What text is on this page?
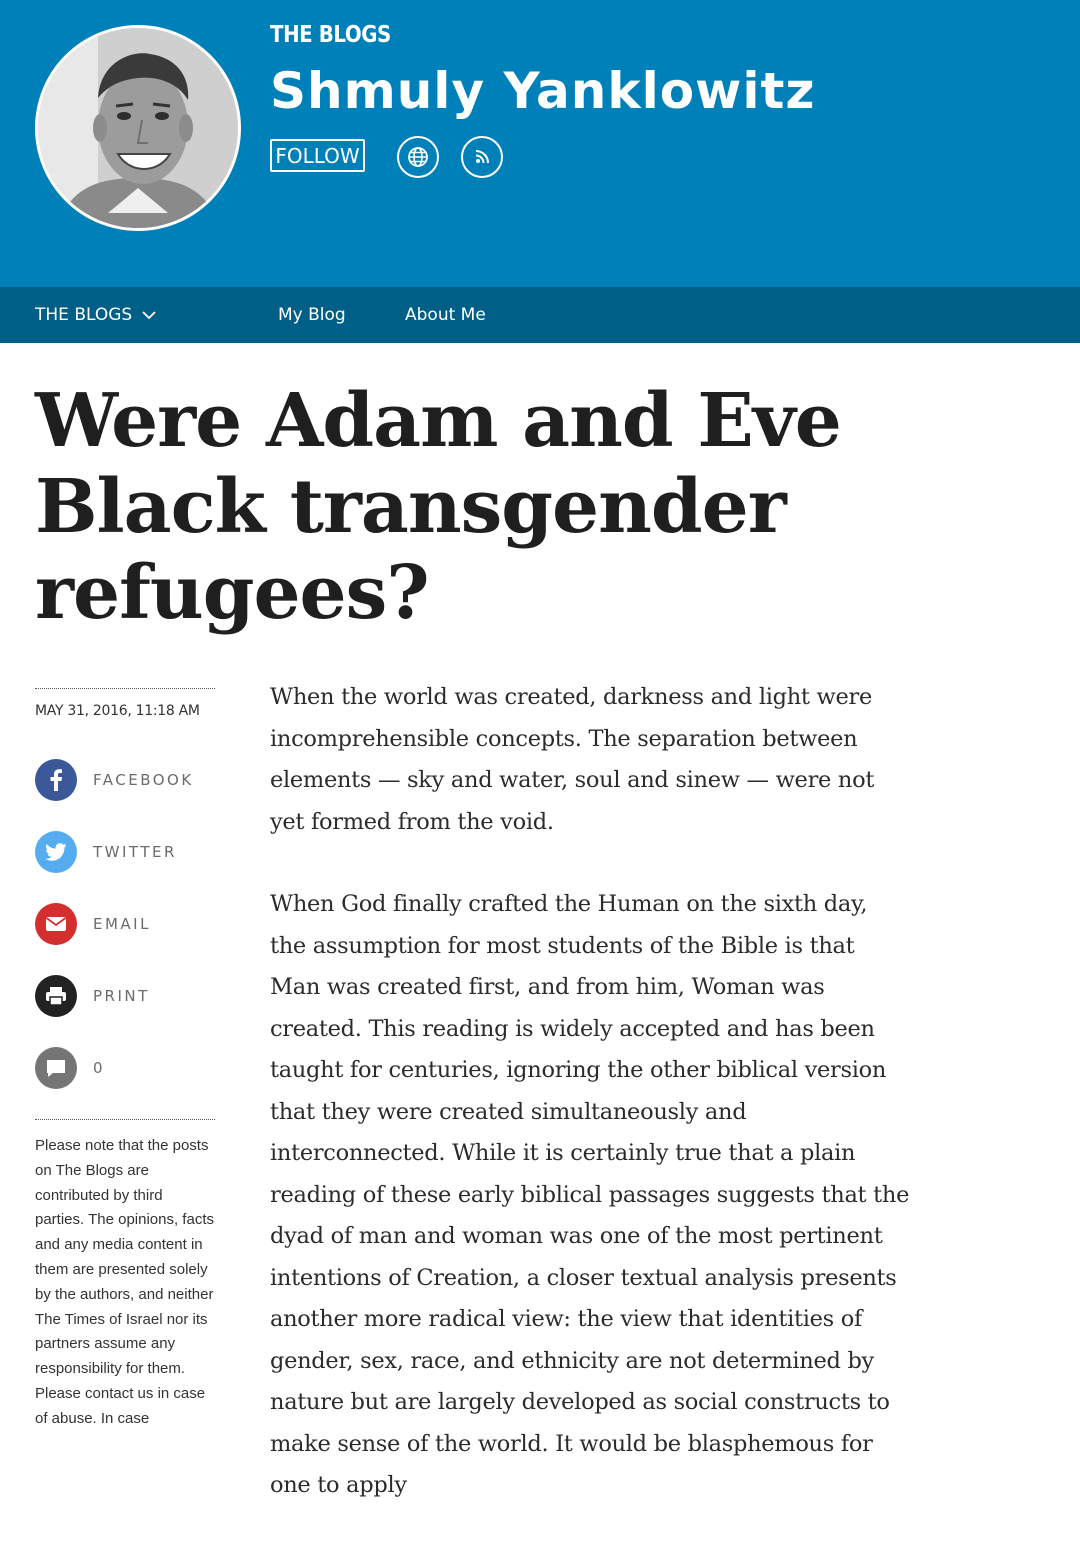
THE BLOGS
Shmuly Yanklowitz
FOLLOW
THE BLOGS	My Blog	About Me
Were Adam and Eve Black transgender refugees?
MAY 31, 2016, 11:18 AM
FACEBOOK
TWITTER
EMAIL
PRINT
0
Please note that the posts on The Blogs are contributed by third parties. The opinions, facts and any media content in them are presented solely by the authors, and neither The Times of Israel nor its partners assume any responsibility for them. Please contact us in case of abuse. In case

When the world was created, darkness and light were incomprehensible concepts. The separation between elements — sky and water, soul and sinew — were not yet formed from the void.

When God finally crafted the Human on the sixth day, the assumption for most students of the Bible is that Man was created first, and from him, Woman was created. This reading is widely accepted and has been taught for centuries, ignoring the other biblical version that they were created simultaneously and interconnected. While it is certainly true that a plain reading of these early biblical passages suggests that the dyad of man and woman was one of the most pertinent intentions of Creation, a closer textual analysis presents another more radical view: the view that identities of gender, sex, race, and ethnicity are not determined by nature but are largely developed as social constructs to make sense of the world. It would be blasphemous for one to apply
